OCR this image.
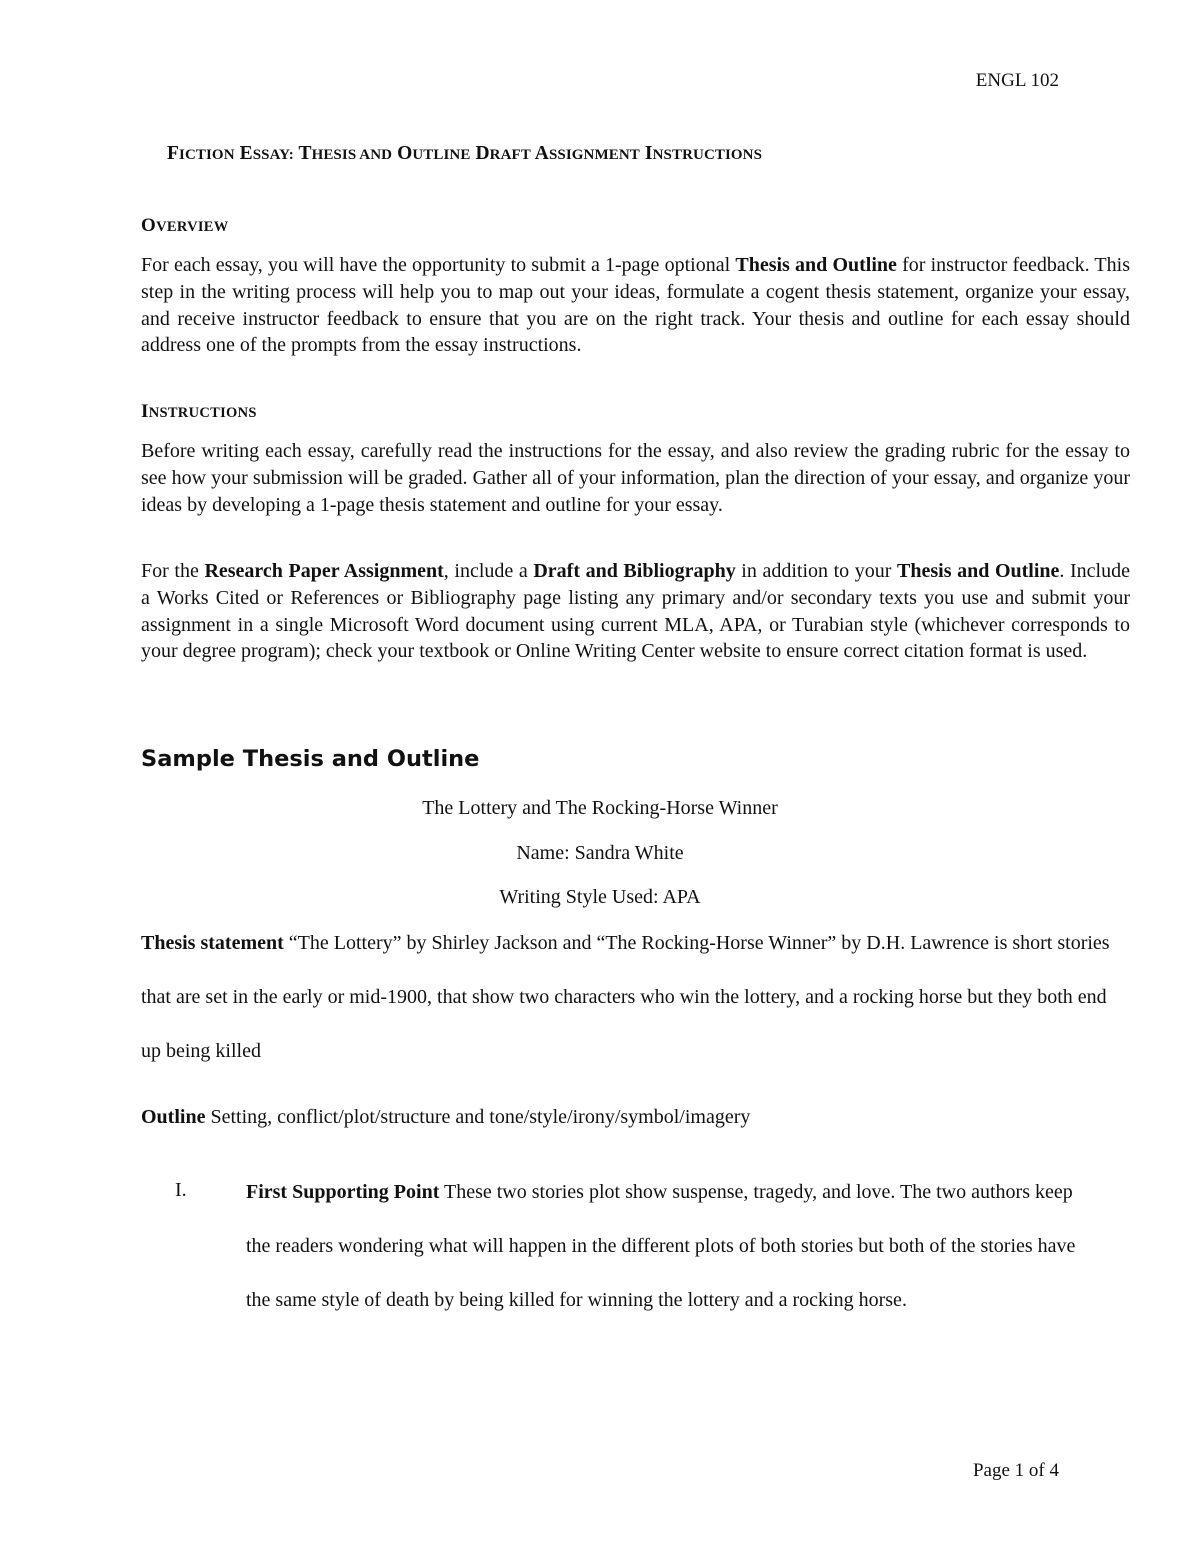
ENGL 102
FICTION ESSAY: THESIS AND OUTLINE DRAFT ASSIGNMENT INSTRUCTIONS
OVERVIEW

For each essay, you will have the opportunity to submit a 1-page optional Thesis and Outline for instructor feedback. This step in the writing process will help you to map out your ideas, formulate a cogent thesis statement, organize your essay, and receive instructor feedback to ensure that you are on the right track. Your thesis and outline for each essay should address one of the prompts from the essay instructions.

INSTRUCTIONS

Before writing each essay, carefully read the instructions for the essay, and also review the grading rubric for the essay to see how your submission will be graded. Gather all of your information, plan the direction of your essay, and organize your ideas by developing a 1-page thesis statement and outline for your essay.

For the Research Paper Assignment, include a Draft and Bibliography in addition to your Thesis and Outline. Include a Works Cited or References or Bibliography page listing any primary and/or secondary texts you use and submit your assignment in a single Microsoft Word document using current MLA, APA, or Turabian style (whichever corresponds to your degree program); check your textbook or Online Writing Center website to ensure correct citation format is used.

Sample Thesis and Outline
The Lottery and The Rocking-Horse Winner
Name: Sandra White
Writing Style Used: APA

Thesis statement “The Lottery” by Shirley Jackson and “The Rocking-Horse Winner” by D.H. Lawrence is short stories that are set in the early or mid-1900, that show two characters who win the lottery, and a rocking horse but they both end up being killed

Outline Setting, conflict/plot/structure and tone/style/irony/symbol/imagery
I.	First Supporting Point These two stories plot show suspense, tragedy, and love. The two authors keep the readers wondering what will happen in the different plots of both stories but both of the stories have the same style of death by being killed for winning the lottery and a rocking horse.

Page 1 of 4
